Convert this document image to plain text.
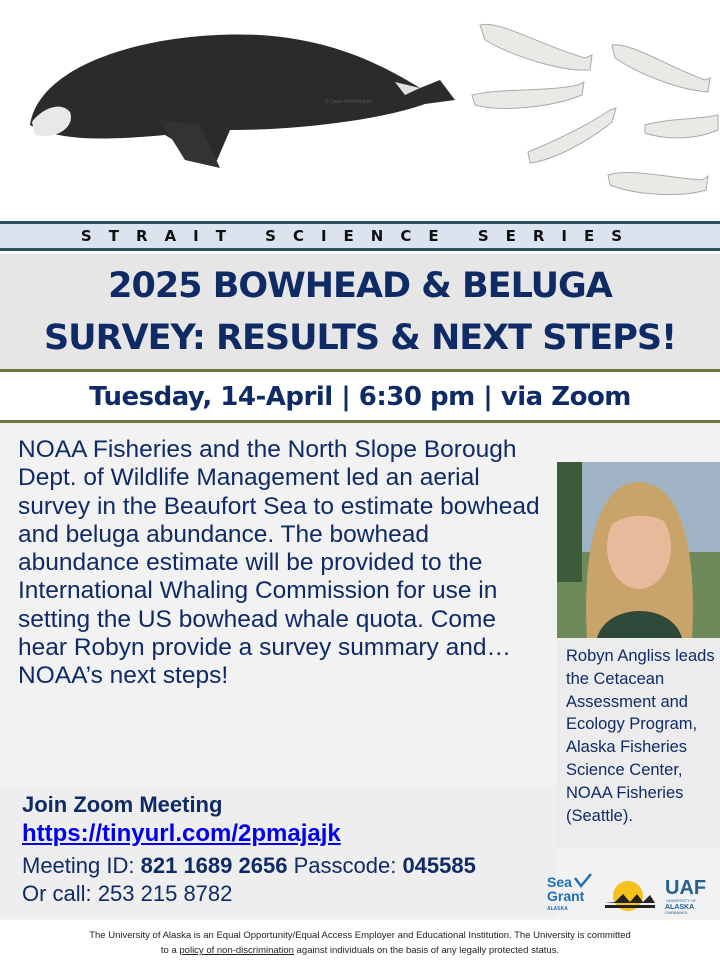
© Dawn Witherington
STRAIT SCIENCE SERIES
2025 BOWHEAD & BELUGA
SURVEY: RESULTS & NEXT STEPS!
Tuesday, 14-April | 6:30 pm | via Zoom
NOAA Fisheries and the North Slope Borough Dept. of Wildlife Management led an aerial survey in the Beaufort Sea to estimate bowhead and beluga abundance. The bowhead abundance estimate will be provided to the International Whaling Commission for use in setting the US bowhead whale quota. Come hear Robyn provide a survey summary and…NOAA’s next steps!
Robyn Angliss leads the Cetacean Assessment and Ecology Program, Alaska Fisheries Science Center, NOAA Fisheries (Seattle).
Join Zoom Meeting
https://tinyurl.com/2pmajajk
Meeting ID: 821 1689 2656 Passcode: 045585
Or call: 253 215 8782	Sea
Grant
ALASKA
UAF
UNIVERSITY OF
ALASKA
FAIRBANKS
The University of Alaska is an Equal Opportunity/Equal Access Employer and Educational Institution. The University is committed
to a policy of non-discrimination against individuals on the basis of any legally protected status.
